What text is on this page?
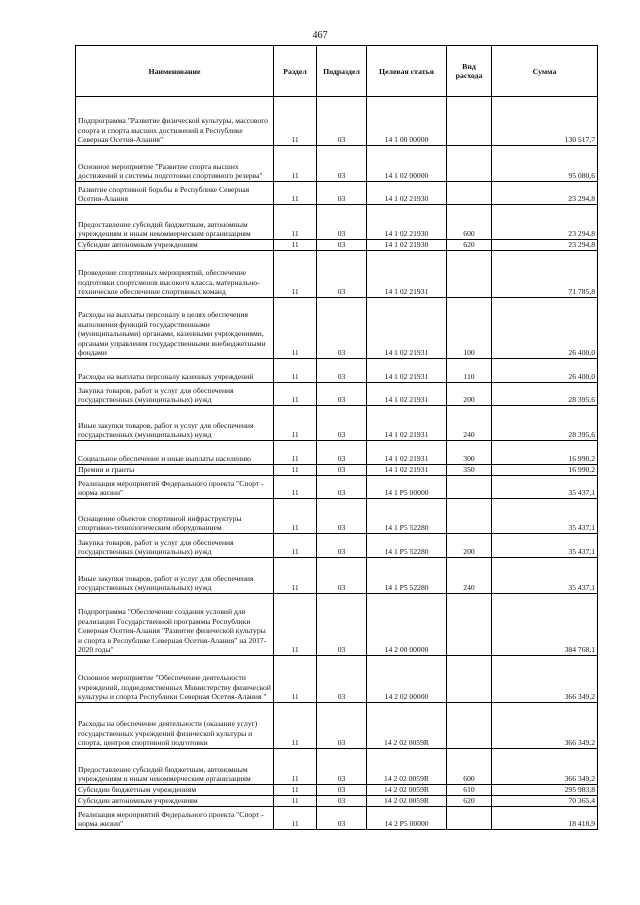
467
Наименование	Раздел	Подраздел	Целевая статья	Вид расхода	Сумма
Подпрограмма "Развитие физической культуры, массового спорта и спорта высших достижений в Республике Северная Осетия-Алания"	11	03	14 1 00 00000		130 517,7
Основное мероприятие "Развитие спорта высших достижений и системы подготовки спортивного резерва"	11	03	14 1 02 00000		95 080,6
Развитие спортивной борьбы в Республике Северная Осетия-Алания	11	03	14 1 02 21930		23 294,8
Предоставление субсидий бюджетным, автономным учреждениям и иным некоммерческим организациям	11	03	14 1 02 21930	600	23 294,8
Субсидии автономным учреждениям	11	03	14 1 02 21930	620	23 294,8
Проведение спортивных мероприятий, обеспечение подготовки спортсменов высокого класса, материально-техническое обеспечение спортивных команд	11	03	14 1 02 21931		71 785,8
Расходы на выплаты персоналу в целях обеспечения выполнения функций государственными (муниципальными) органами, казенными учреждениями, органами управления государственными внебюджетными фондами	11	03	14 1 02 21931	100	26 400,0
Расходы на выплаты персоналу казенных учреждений	11	03	14 1 02 21931	110	26 400,0
Закупка товаров, работ и услуг для обеспечения государственных (муниципальных) нужд	11	03	14 1 02 21931	200	28 395,6
Иные закупки товаров, работ и услуг для обеспечения государственных (муниципальных) нужд	11	03	14 1 02 21931	240	28 395,6
Социальное обеспечение и иные выплаты населению	11	03	14 1 02 21931	300	16 990,2
Премии и гранты	11	03	14 1 02 21931	350	16 990,2
Реализация мероприятий Федерального проекта "Спорт - норма жизни"	11	03	14 1 P5 00000		35 437,1
Оснащение объектов спортивной инфраструктуры спортивно-технологическим оборудованием	11	03	14 1 P5 52280		35 437,1
Закупка товаров, работ и услуг для обеспечения государственных (муниципальных) нужд	11	03	14 1 P5 52280	200	35 437,1
Иные закупки товаров, работ и услуг для обеспечения государственных (муниципальных) нужд	11	03	14 1 P5 52280	240	35 437,1
Подпрограмма "Обеспечение создания условий для реализации Государственной программы Республики Северная Осетия-Алания "Развитие физической культуры и спорта в Республике Северная Осетия-Алания" на 2017-2020 годы"	11	03	14 2 00 00000		384 768,1
Основное мероприятие "Обеспечение деятельности учреждений, подведомственных Министерству физической культуры и спорта Республики Северная Осетия-Алания "	11	03	14 2 02 00000		366 349,2
Расходы на обеспечение деятельности (оказание услуг) государственных учреждений физической культуры и спорта, центров спортивной подготовки	11	03	14 2 02 0059R		366 349,2
Предоставление субсидий бюджетным, автономным учреждениям и иным некоммерческим организациям	11	03	14 2 02 0059R	600	366 349,2
Субсидии бюджетным учреждениям	11	03	14 2 02 0059R	610	295 983,8
Субсидии автономным учреждениям	11	03	14 2 02 0059R	620	70 365,4
Реализация мероприятий Федерального проекта "Спорт - норма жизни"	11	03	14 2 P5 00000		18 418,9
